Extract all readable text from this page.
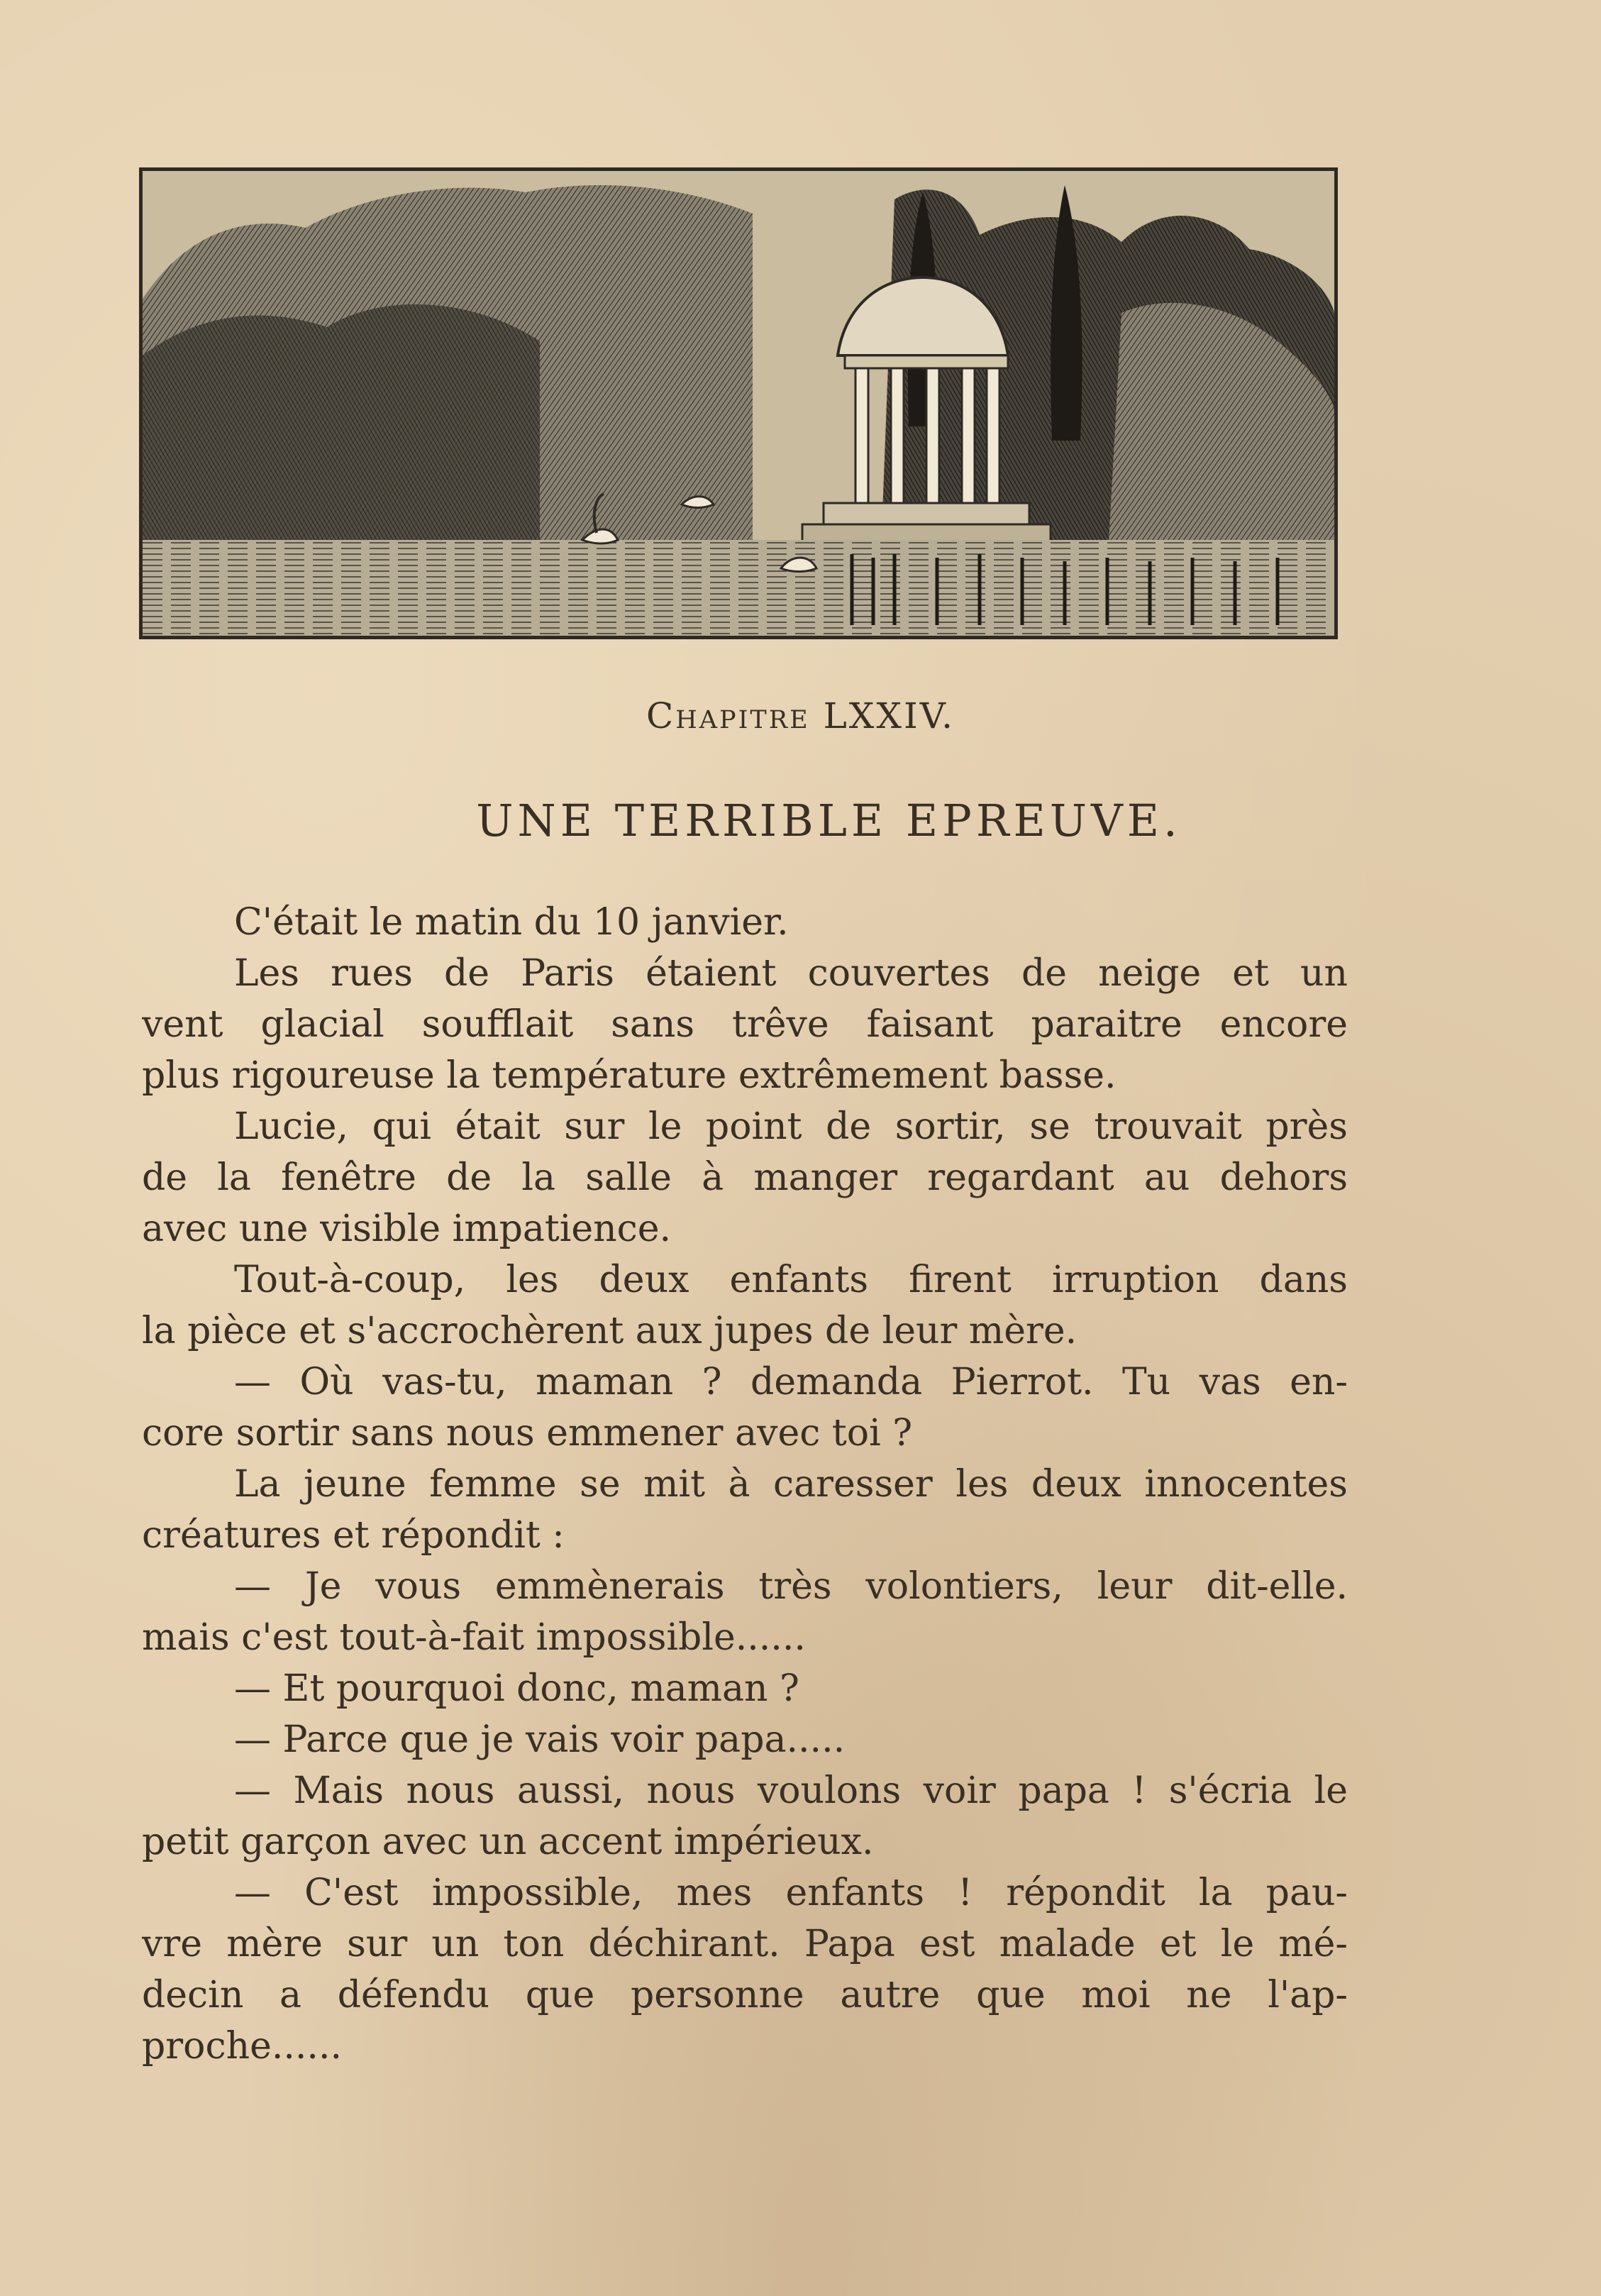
Chapitre LXXIV.
UNE TERRIBLE EPREUVE.
C'était le matin du 10 janvier.
Les rues de Paris étaient couvertes de neige et un
vent glacial soufflait sans trêve faisant paraitre encore
plus rigoureuse la température extrêmement basse.
Lucie, qui était sur le point de sortir, se trouvait près
de la fenêtre de la salle à manger regardant au dehors
avec une visible impatience.
Tout-à-coup, les deux enfants firent irruption dans
la pièce et s'accrochèrent aux jupes de leur mère.
— Où vas-tu, maman ? demanda Pierrot. Tu vas en-
core sortir sans nous emmener avec toi ?
La jeune femme se mit à caresser les deux innocentes
créatures et répondit :
— Je vous emmènerais très volontiers, leur dit-elle.
mais c'est tout-à-fait impossible......
— Et pourquoi donc, maman ?
— Parce que je vais voir papa.....
— Mais nous aussi, nous voulons voir papa ! s'écria le
petit garçon avec un accent impérieux.
— C'est impossible, mes enfants ! répondit la pau-
vre mère sur un ton déchirant. Papa est malade et le mé-
decin a défendu que personne autre que moi ne l'ap-
proche......
